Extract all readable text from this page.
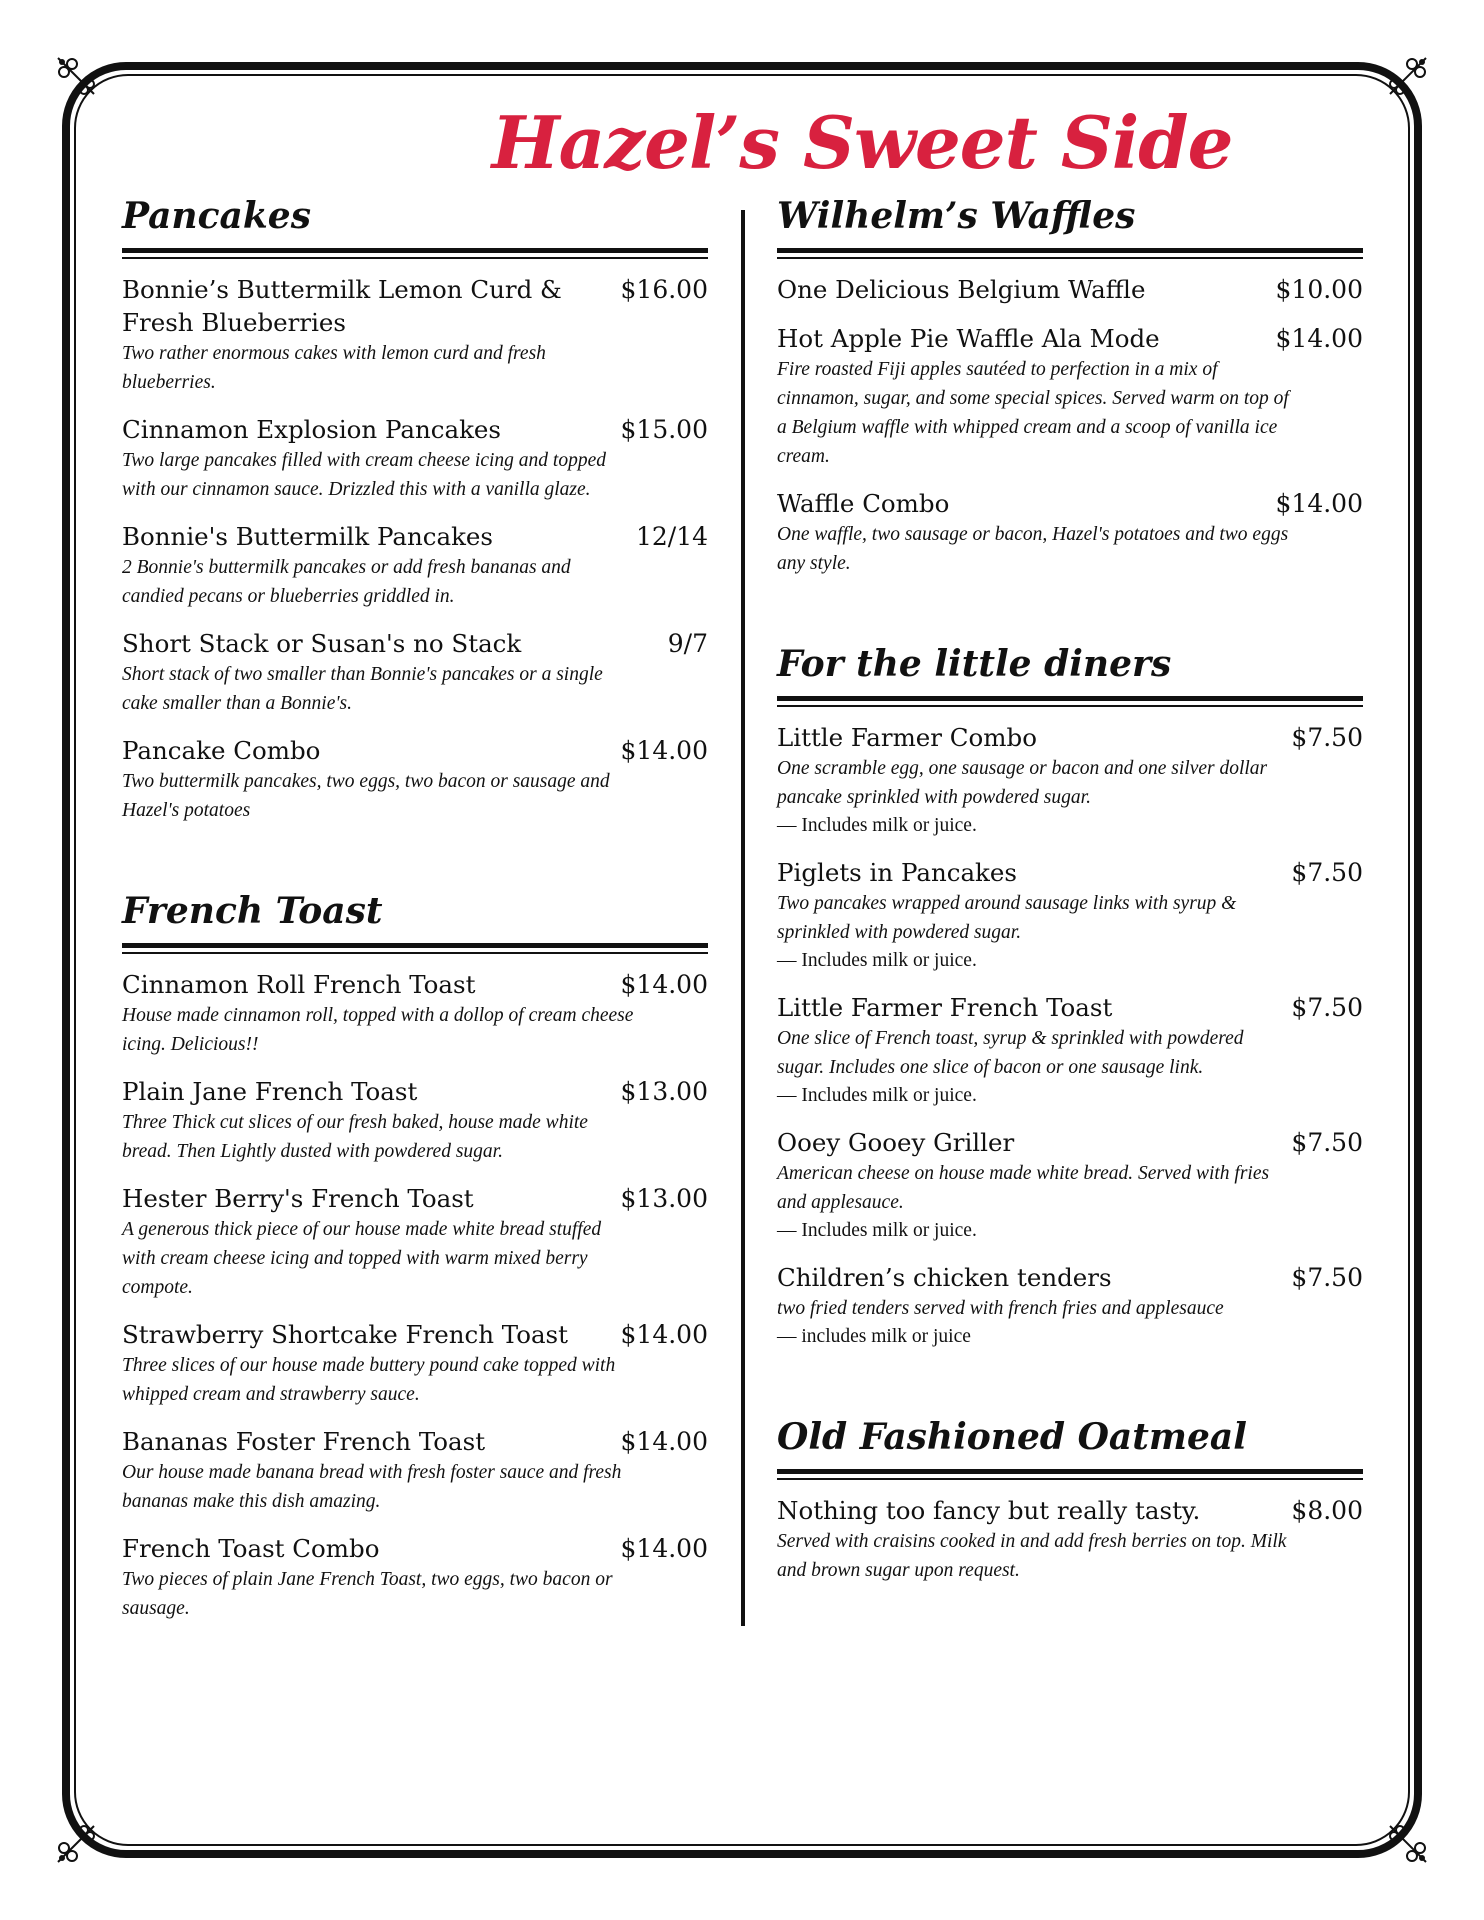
Hazel’s Sweet Side
Pancakes
Bonnie’s Buttermilk Lemon Curd & Fresh Blueberries
$16.00
Two rather enormous cakes with lemon curd and fresh blueberries.
Cinnamon Explosion Pancakes	$15.00
Two large pancakes filled with cream cheese icing and topped with our cinnamon sauce. Drizzled this with a vanilla glaze.
Bonnie's Buttermilk Pancakes	12/14
2 Bonnie's buttermilk pancakes or add fresh bananas and candied pecans or blueberries griddled in.
Short Stack or Susan's no Stack	9/7
Short stack of two smaller than Bonnie's pancakes or a single cake smaller than a Bonnie's.
Pancake Combo	$14.00
Two buttermilk pancakes, two eggs, two bacon or sausage and Hazel's potatoes
French Toast
Cinnamon Roll French Toast	$14.00
House made cinnamon roll, topped with a dollop of cream cheese icing. Delicious!!
Plain Jane French Toast	$13.00
Three Thick cut slices of our fresh baked, house made white bread. Then Lightly dusted with powdered sugar.
Hester Berry's French Toast	$13.00
A generous thick piece of our house made white bread stuffed with cream cheese icing and topped with warm mixed berry compote.
Strawberry Shortcake French Toast $14.00
Three slices of our house made buttery pound cake topped with whipped cream and strawberry sauce.
Bananas Foster French Toast	$14.00
Our house made banana bread with fresh foster sauce and fresh bananas make this dish amazing.
French Toast Combo	$14.00
Two pieces of plain Jane French Toast, two eggs, two bacon or sausage.
Wilhelm’s Waffles
One Delicious Belgium Waffle	$10.00
Hot Apple Pie Waffle Ala Mode	$14.00
Fire roasted Fiji apples sautéed to perfection in a mix of cinnamon, sugar, and some special spices. Served warm on top of a Belgium waffle with whipped cream and a scoop of vanilla ice cream.
Waffle Combo	$14.00
One waffle, two sausage or bacon, Hazel's potatoes and two eggs any style.
For the little diners
Little Farmer Combo	$7.50
One scramble egg, one sausage or bacon and one silver dollar pancake sprinkled with powdered sugar.
— Includes milk or juice.
Piglets in Pancakes	$7.50
Two pancakes wrapped around sausage links with syrup & sprinkled with powdered sugar.
— Includes milk or juice.
Little Farmer French Toast	$7.50
One slice of French toast, syrup & sprinkled with powdered sugar. Includes one slice of bacon or one sausage link.
— Includes milk or juice.
Ooey Gooey Griller	$7.50
American cheese on house made white bread. Served with fries and applesauce.
— Includes milk or juice.
Children’s chicken tenders	$7.50
two fried tenders served with french fries and applesauce
— includes milk or juice
Old Fashioned Oatmeal
Nothing too fancy but really tasty.	$8.00
Served with craisins cooked in and add fresh berries on top. Milk and brown sugar upon request.
